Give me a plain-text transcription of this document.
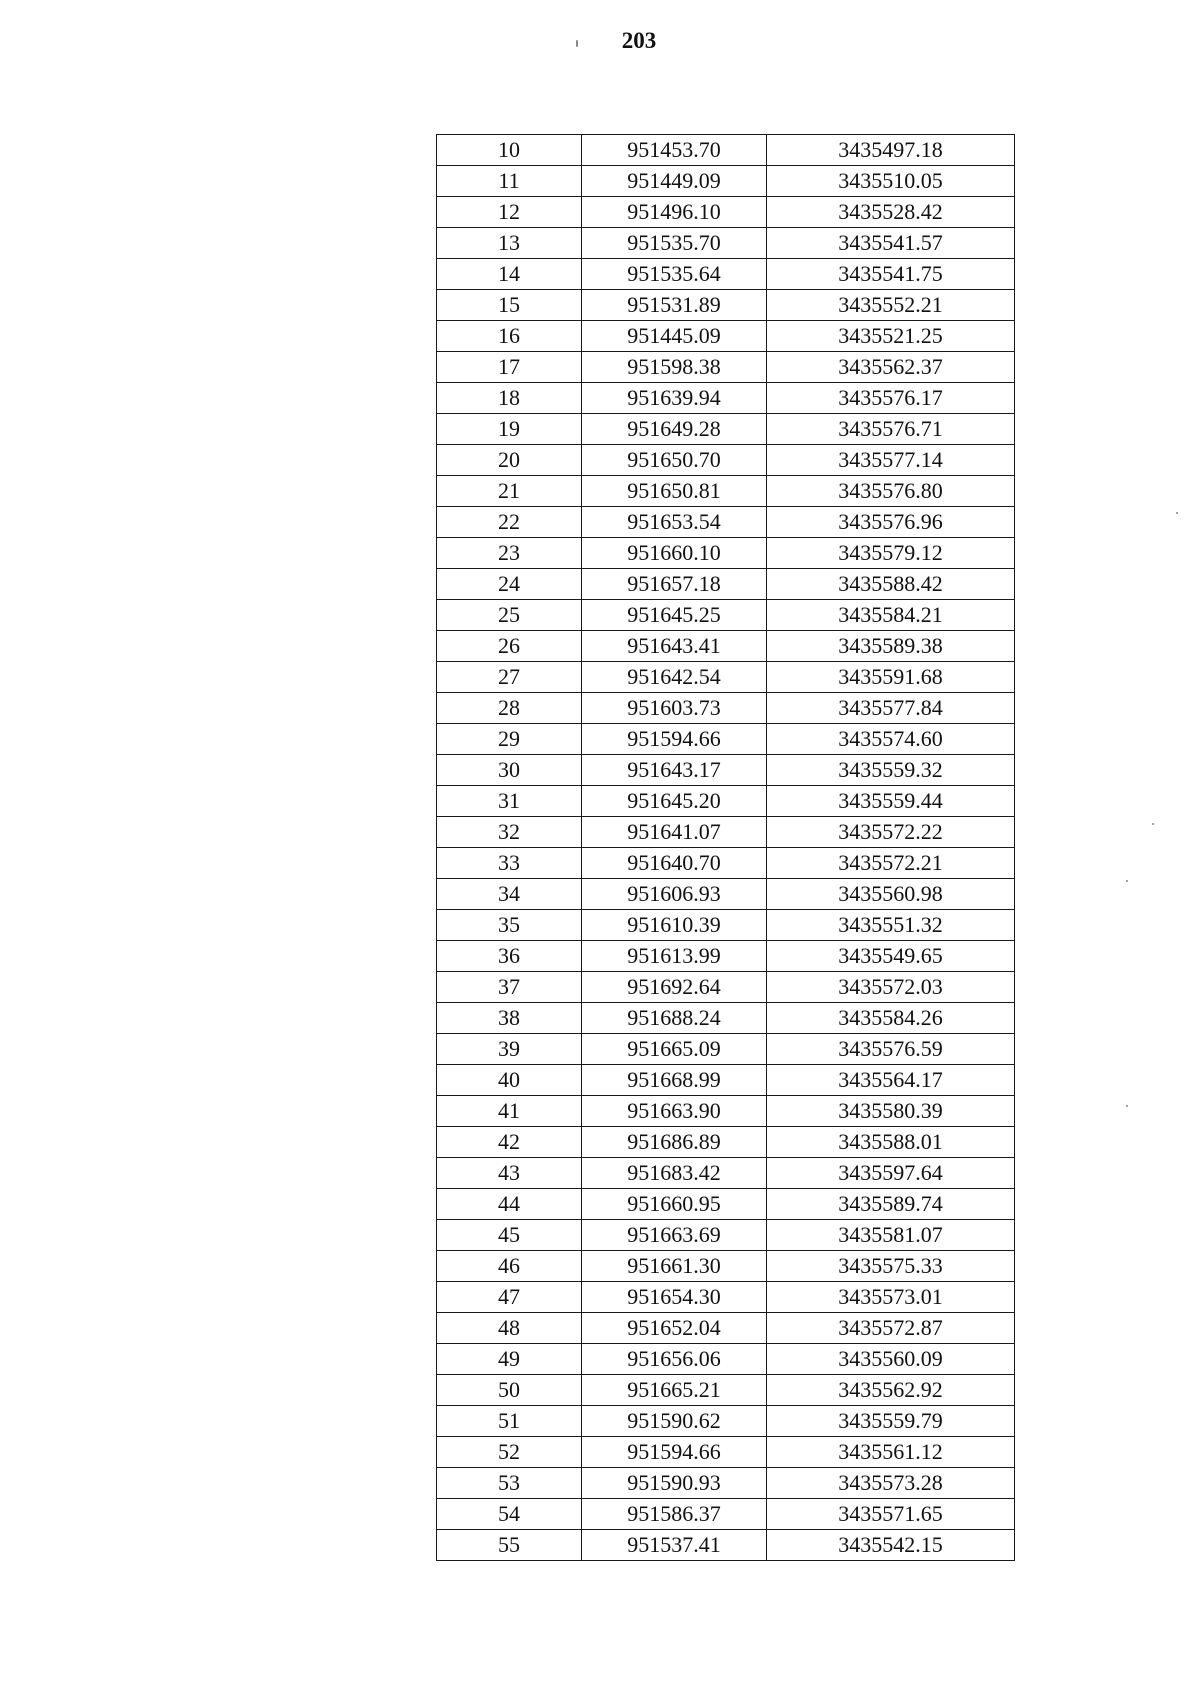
203
10	951453.70	3435497.18
11	951449.09	3435510.05
12	951496.10	3435528.42
13	951535.70	3435541.57
14	951535.64	3435541.75
15	951531.89	3435552.21
16	951445.09	3435521.25
17	951598.38	3435562.37
18	951639.94	3435576.17
19	951649.28	3435576.71
20	951650.70	3435577.14
21	951650.81	3435576.80
22	951653.54	3435576.96
23	951660.10	3435579.12
24	951657.18	3435588.42
25	951645.25	3435584.21
26	951643.41	3435589.38
27	951642.54	3435591.68
28	951603.73	3435577.84
29	951594.66	3435574.60
30	951643.17	3435559.32
31	951645.20	3435559.44
32	951641.07	3435572.22
33	951640.70	3435572.21
34	951606.93	3435560.98
35	951610.39	3435551.32
36	951613.99	3435549.65
37	951692.64	3435572.03
38	951688.24	3435584.26
39	951665.09	3435576.59
40	951668.99	3435564.17
41	951663.90	3435580.39
42	951686.89	3435588.01
43	951683.42	3435597.64
44	951660.95	3435589.74
45	951663.69	3435581.07
46	951661.30	3435575.33
47	951654.30	3435573.01
48	951652.04	3435572.87
49	951656.06	3435560.09
50	951665.21	3435562.92
51	951590.62	3435559.79
52	951594.66	3435561.12
53	951590.93	3435573.28
54	951586.37	3435571.65
55	951537.41	3435542.15
